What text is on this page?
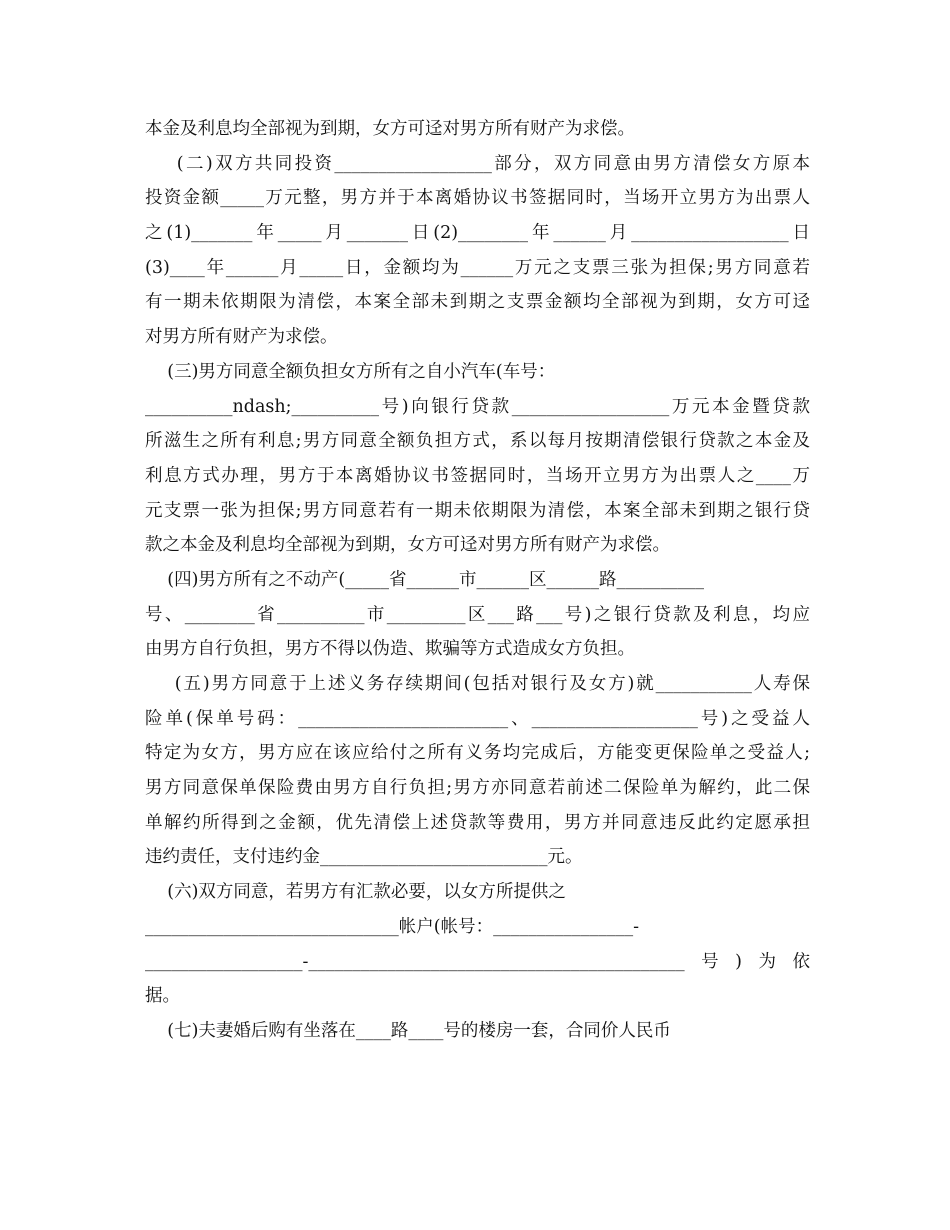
本金及利息均全部视为到期，女方可迳对男方所有财产为求偿。
(二)双方共同投资__________________部分，双方同意由男方清偿女方原本
投资金额_____万元整，男方并于本离婚协议书签据同时，当场开立男方为出票人
之(1)_______年_____月_______日(2)________年______月__________________日
(3)____年______月_____日，金额均为______万元之支票三张为担保;男方同意若
有一期未依期限为清偿，本案全部未到期之支票金额均全部视为到期，女方可迳
对男方所有财产为求偿。
(三)男方同意全额负担女方所有之自小汽车(车号：
__________ndash;__________号)向银行贷款__________________万元本金暨贷款
所滋生之所有利息;男方同意全额负担方式，系以每月按期清偿银行贷款之本金及
利息方式办理，男方于本离婚协议书签据同时，当场开立男方为出票人之____万
元支票一张为担保;男方同意若有一期未依期限为清偿，本案全部未到期之银行贷
款之本金及利息均全部视为到期，女方可迳对男方所有财产为求偿。
(四)男方所有之不动产(_____省______市______区______路__________
号、________省__________市_________区___路___号)之银行贷款及利息，均应
由男方自行负担，男方不得以伪造、欺骗等方式造成女方负担。
(五)男方同意于上述义务存续期间(包括对银行及女方)就___________人寿保
险单(保单号码：________________________、___________________号)之受益人
特定为女方，男方应在该应给付之所有义务均完成后，方能变更保险单之受益人;
男方同意保单保险费由男方自行负担;男方亦同意若前述二保险单为解约，此二保
单解约所得到之金额，优先清偿上述贷款等费用，男方并同意违反此约定愿承担
违约责任，支付违约金__________________________元。
(六)双方同意，若男方有汇款必要，以女方所提供之
_____________________________帐户(帐号：________________-
__________________-___________________________________________号)为依
据。
(七)夫妻婚后购有坐落在____路____号的楼房一套，合同价人民币
